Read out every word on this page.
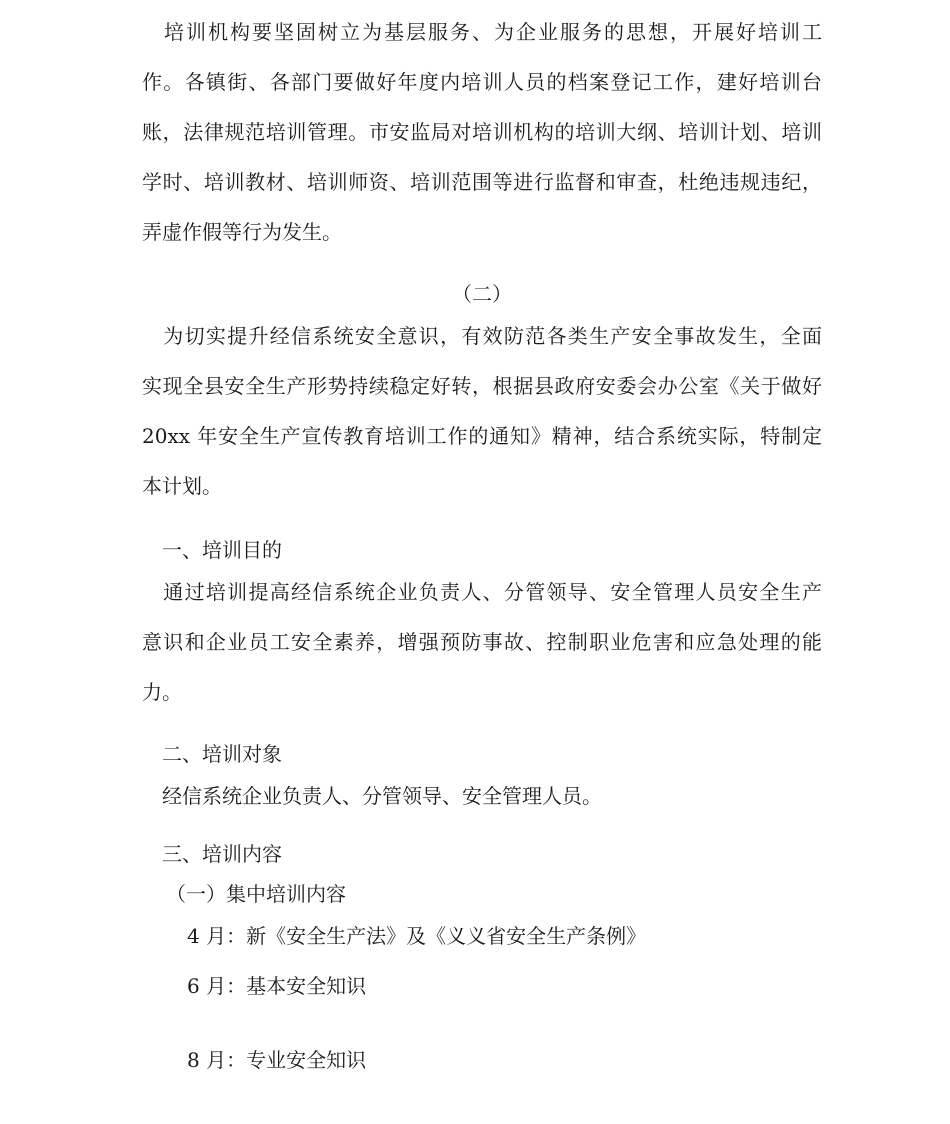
　培训机构要坚固树立为基层服务、为企业服务的思想，开展好培训工
作。各镇街、各部门要做好年度内培训人员的档案登记工作，建好培训台
账，法律规范培训管理。市安监局对培训机构的培训大纲、培训计划、培训
学时、培训教材、培训师资、培训范围等进行监督和审查，杜绝违规违纪，
弄虚作假等行为发生。
（二）
　为切实提升经信系统安全意识，有效防范各类生产安全事故发生，全面
实现全县安全生产形势持续稳定好转，根据县政府安委会办公室《关于做好
20xx 年安全生产宣传教育培训工作的通知》精神，结合系统实际，特制定
本计划。
　一、培训目的
　通过培训提高经信系统企业负责人、分管领导、安全管理人员安全生产
意识和企业员工安全素养，增强预防事故、控制职业危害和应急处理的能
力。
　二、培训对象
　经信系统企业负责人、分管领导、安全管理人员。
　三、培训内容
（一）集中培训内容
4 月：新《安全生产法》及《义义省安全生产条例》
6 月：基本安全知识
8 月：专业安全知识
